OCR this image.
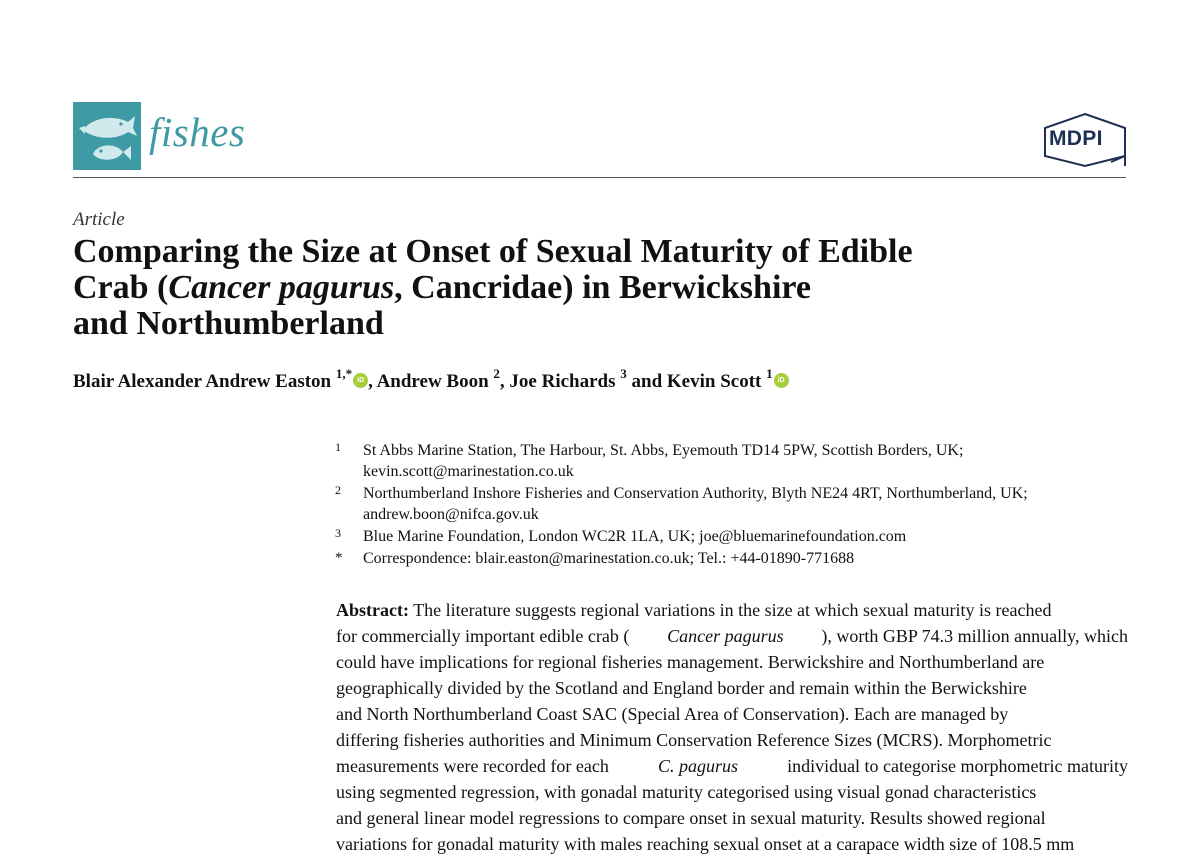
fishes	MDPI
Article
Comparing the Size at Onset of Sexual Maturity of Edible
Crab (Cancer pagurus, Cancridae) in Berwickshire
and Northumberland
Blair Alexander Andrew Easton $^{1,*}$ iD , Andrew Boon $^2$, Joe Richards $^3$ and Kevin Scott $^1$ iD
1 St Abbs Marine Station, The Harbour, St. Abbs, Eyemouth TD14 5PW, Scottish Borders, UK;
kevin.scott@marinestation.co.uk
2 Northumberland Inshore Fisheries and Conservation Authority, Blyth NE24 4RT, Northumberland, UK;
andrew.boon@nifca.gov.uk
3 Blue Marine Foundation, London WC2R 1LA, UK; joe@bluemarinefoundation.com
* Correspondence: blair.easton@marinestation.co.uk; Tel.: +44-01890-771688
Abstract: The literature suggests regional variations in the size at which sexual maturity is reached
for commercially important edible crab ( Cancer pagurus ), worth GBP 74.3 million annually, which
could have implications for regional fisheries management. Berwickshire and Northumberland are
geographically divided by the Scotland and England border and remain within the Berwickshire
and North Northumberland Coast SAC (Special Area of Conservation). Each are managed by
differing fisheries authorities and Minimum Conservation Reference Sizes (MCRS). Morphometric
measurements were recorded for each	C. pagurus	individual to categorise morphometric maturity
using segmented regression, with gonadal maturity categorised using visual gonad characteristics
and general linear model regressions to compare onset in sexual maturity. Results showed regional
variations for gonadal maturity with males reaching sexual onset at a carapace width size of 108.5 mm
